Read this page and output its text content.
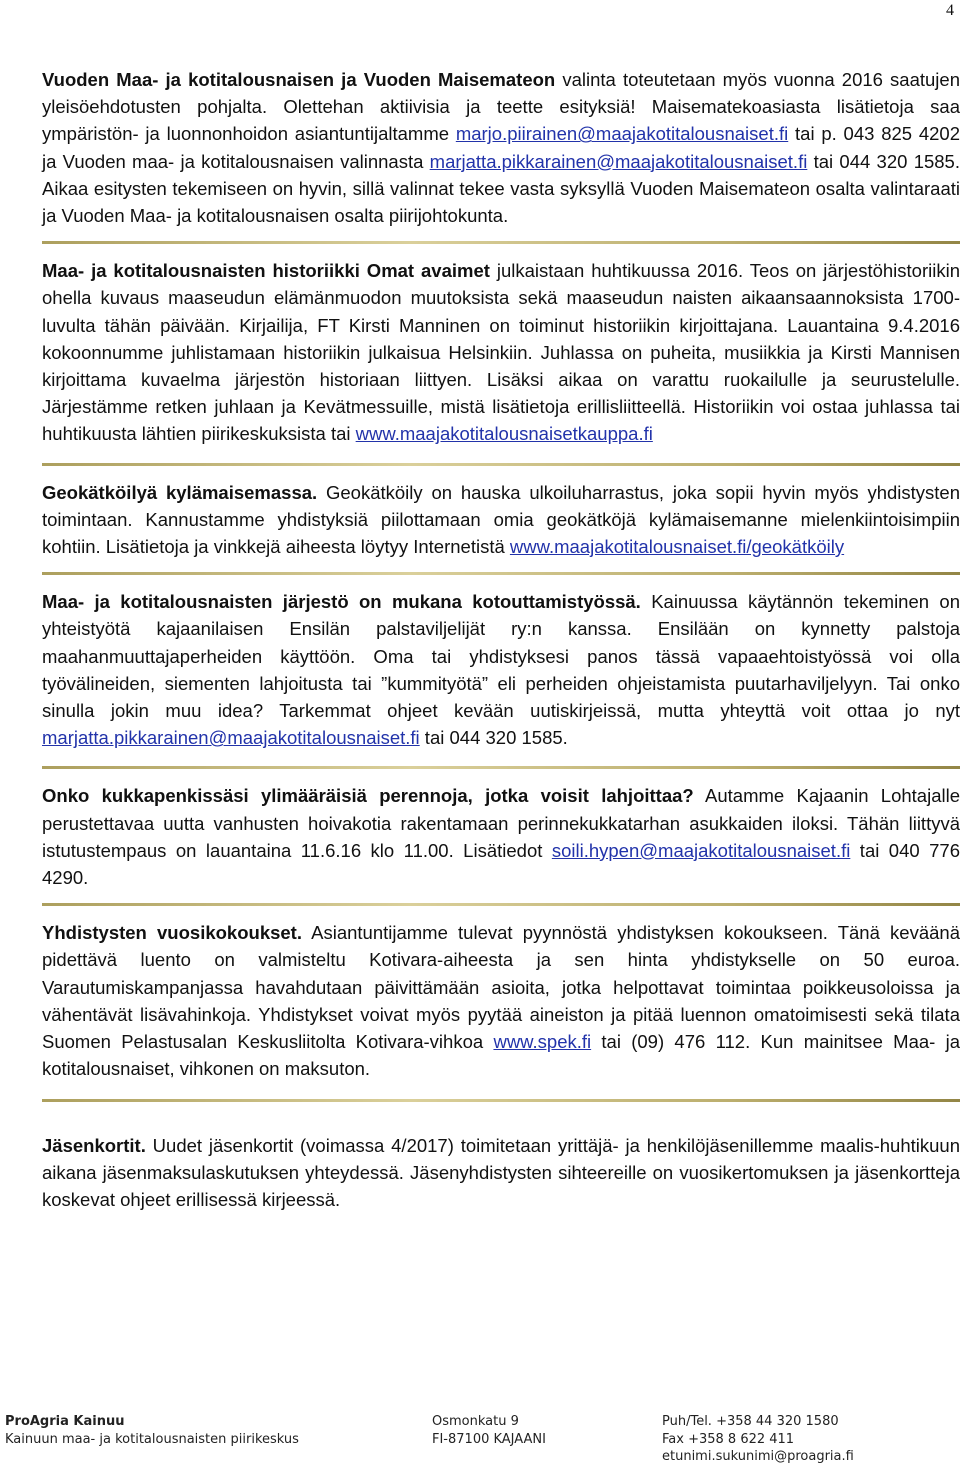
4

Vuoden Maa- ja kotitalousnaisen ja Vuoden Maisemateon valinta toteutetaan myös vuonna 2016 saatujen yleisöehdotusten pohjalta. Olettehan aktiivisia ja teette esityksiä! Maisematekoasiasta lisätietoja saa ympäristön- ja luonnonhoidon asiantuntijaltamme marjo.piirainen@maajakotitalousnaiset.fi tai p. 043 825 4202 ja Vuoden maa- ja kotitalousnaisen valinnasta marjatta.pikkarainen@maajakotitalousnaiset.fi tai 044 320 1585. Aikaa esitysten tekemiseen on hyvin, sillä valinnat tekee vasta syksyllä Vuoden Maisemateon osalta valintaraati ja Vuoden Maa- ja kotitalousnaisen osalta piirijohtokunta.

Maa- ja kotitalousnaisten historiikki Omat avaimet julkaistaan huhtikuussa 2016. Teos on järjestöhistoriikin ohella kuvaus maaseudun elämänmuodon muutoksista sekä maaseudun naisten aikaansaannoksista 1700-luvulta tähän päivään. Kirjailija, FT Kirsti Manninen on toiminut historiikin kirjoittajana. Lauantaina 9.4.2016 kokoonnumme juhlistamaan historiikin julkaisua Helsinkiin. Juhlassa on puheita, musiikkia ja Kirsti Mannisen kirjoittama kuvaelma järjestön historiaan liittyen. Lisäksi aikaa on varattu ruokailulle ja seurustelulle. Järjestämme retken juhlaan ja Kevätmessuille, mistä lisätietoja erillisliitteellä. Historiikin voi ostaa juhlassa tai huhtikuusta lähtien piirikeskuksista tai www.maajakotitalousnaisetkauppa.fi

Geokätköilyä kylämaisemassa. Geokätköily on hauska ulkoiluharrastus, joka sopii hyvin myös yhdistysten toimintaan. Kannustamme yhdistyksiä piilottamaan omia geokätköjä kylämaisemanne mielenkiintoisimpiin kohtiin. Lisätietoja ja vinkkejä aiheesta löytyy Internetistä www.maajakotitalousnaiset.fi/geokätköily

Maa- ja kotitalousnaisten järjestö on mukana kotouttamistyössä. Kainuussa käytännön tekeminen on yhteistyötä kajaanilaisen Ensilän palstaviljelijät ry:n kanssa. Ensilään on kynnetty palstoja maahanmuuttajaperheiden käyttöön. Oma tai yhdistyksesi panos tässä vapaaehtoistyössä voi olla työvälineiden, siementen lahjoitusta tai ”kummityötä” eli perheiden ohjeistamista puutarhaviljelyyn. Tai onko sinulla jokin muu idea? Tarkemmat ohjeet kevään uutiskirjeissä, mutta yhteyttä voit ottaa jo nyt marjatta.pikkarainen@maajakotitalousnaiset.fi tai 044 320 1585.

Onko kukkapenkissäsi ylimääräisiä perennoja, jotka voisit lahjoittaa? Autamme Kajaanin Lohtajalle perustettavaa uutta vanhusten hoivakotia rakentamaan perinnekukkatarhan asukkaiden iloksi. Tähän liittyvä istutustempaus on lauantaina 11.6.16 klo 11.00. Lisätiedot soili.hypen@maajakotitalousnaiset.fi tai 040 776 4290.

Yhdistysten vuosikokoukset. Asiantuntijamme tulevat pyynnöstä yhdistyksen kokoukseen. Tänä keväänä pidettävä luento on valmisteltu Kotivara-aiheesta ja sen hinta yhdistykselle on 50 euroa. Varautumiskampanjassa havahdutaan päivittämään asioita, jotka helpottavat toimintaa poikkeusoloissa ja vähentävät lisävahinkoja. Yhdistykset voivat myös pyytää aineiston ja pitää luennon omatoimisesti sekä tilata Suomen Pelastusalan Keskusliitolta Kotivara-vihkoa www.spek.fi tai (09) 476 112. Kun mainitsee Maa- ja kotitalousnaiset, vihkonen on maksuton.

Jäsenkortit. Uudet jäsenkortit (voimassa 4/2017) toimitetaan yrittäjä- ja henkilöjäsenillemme maalis-huhtikuun aikana jäsenmaksulaskutuksen yhteydessä. Jäsenyhdistysten sihteereille on vuosikertomuksen ja jäsenkortteja koskevat ohjeet erillisessä kirjeessä.

ProAgria Kainuu
Kainuun maa- ja kotitalousnaisten piirikeskus
Osmonkatu 9
FI-87100 KAJAANI
Puh/Tel. +358 44 320 1580
Fax +358 8 622 411
etunimi.sukunimi@proagria.fi
